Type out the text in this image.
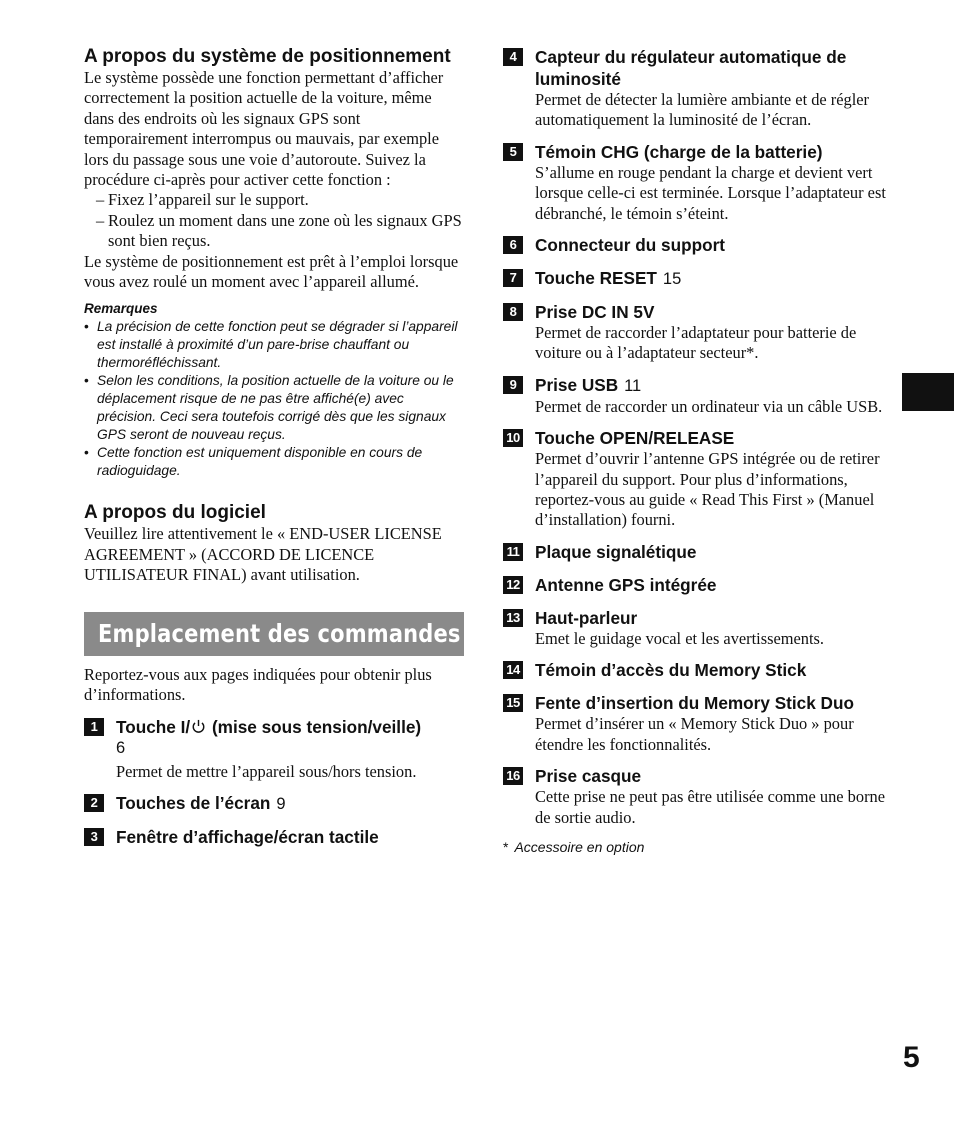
A propos du système de positionnement

Le système possède une fonction permettant d’afficher correctement la position actuelle de la voiture, même dans des endroits où les signaux GPS sont temporairement interrompus ou mauvais, par exemple lors du passage sous une voie d’autoroute. Suivez la procédure ci-après pour activer cette fonction :

– Fixez l’appareil sur le support.
– Roulez un moment dans une zone où les signaux GPS sont bien reçus.

Le système de positionnement est prêt à l’emploi lorsque vous avez roulé un moment avec l’appareil allumé.

Remarques
• La précision de cette fonction peut se dégrader si l’appareil est installé à proximité d’un pare-brise chauffant ou thermoréfléchissant.
• Selon les conditions, la position actuelle de la voiture ou le déplacement risque de ne pas être affiché(e) avec précision. Ceci sera toutefois corrigé dès que les signaux GPS seront de nouveau reçus.
• Cette fonction est uniquement disponible en cours de radioguidage.
A propos du logiciel

Veuillez lire attentivement le « END-USER LICENSE AGREEMENT » (ACCORD DE LICENCE UTILISATEUR FINAL) avant utilisation.

Emplacement des commandes

Reportez-vous aux pages indiquées pour obtenir plus d’informations.

1	Touche I/ (mise sous tension/veille)
6

Permet de mettre l’appareil sous/hors tension.

2	Touches de l’écran 9
3	Fenêtre d’affichage/écran tactile
4	Capteur du régulateur automatique de luminosité

Permet de détecter la lumière ambiante et de régler automatiquement la luminosité de l’écran.

5	Témoin CHG (charge de la batterie)

S’allume en rouge pendant la charge et devient vert lorsque celle-ci est terminée. Lorsque l’adaptateur est débranché, le témoin s’éteint.

6	Connecteur du support
7	Touche RESET 15
8	Prise DC IN 5V

Permet de raccorder l’adaptateur pour batterie de voiture ou à l’adaptateur secteur*.

9	Prise USB 11

Permet de raccorder un ordinateur via un câble USB.

10 Touche OPEN/RELEASE

Permet d’ouvrir l’antenne GPS intégrée ou de retirer l’appareil du support. Pour plus d’informations, reportez-vous au guide « Read This First » (Manuel d’installation) fourni.

11 Plaque signalétique
12 Antenne GPS intégrée
13 Haut-parleur

Emet le guidage vocal et les avertissements.

14 Témoin d’accès du Memory Stick
15 Fente d’insertion du Memory Stick Duo

Permet d’insérer un « Memory Stick Duo » pour étendre les fonctionnalités.

16 Prise casque

Cette prise ne peut pas être utilisée comme une borne de sortie audio.

* Accessoire en option
5
